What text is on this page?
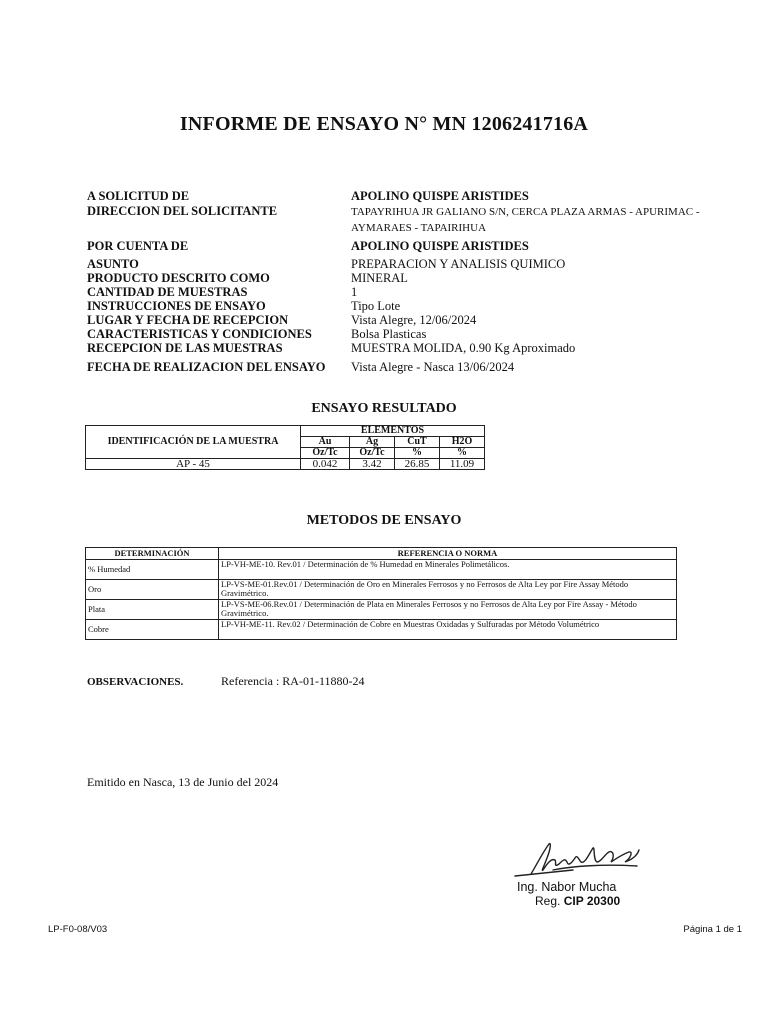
INFORME DE ENSAYO N° MN 1206241716A
A SOLICITUD DE	APOLINO QUISPE ARISTIDES
DIRECCION DEL SOLICITANTE	TAPAYRIHUA JR GALIANO S/N, CERCA PLAZA ARMAS - APURIMAC - AYMARAES - TAPAIRIHUA
POR CUENTA DE	APOLINO QUISPE ARISTIDES
ASUNTO	PREPARACION Y ANALISIS QUIMICO
PRODUCTO DESCRITO COMO	MINERAL
CANTIDAD DE MUESTRAS	1
INSTRUCCIONES DE ENSAYO	Tipo Lote
LUGAR Y FECHA DE RECEPCION	Vista Alegre, 12/06/2024
CARACTERISTICAS Y CONDICIONES	Bolsa Plasticas
RECEPCION DE LAS MUESTRAS	MUESTRA MOLIDA, 0.90 Kg Aproximado
FECHA DE REALIZACION DEL ENSAYO Vista Alegre - Nasca 13/06/2024
ENSAYO RESULTADO
IDENTIFICACIÓN DE LA MUESTRA	ELEMENTOS			
	Au	Ag	CuT	H2O
	Oz/Tc	Oz/Tc	%	%
AP - 45	0.042	3.42	26.85	11.09
METODOS DE ENSAYO
DETERMINACIÓN	REFERENCIA O NORMA
% Humedad	LP-VH-ME-10. Rev.01 / Determinación de % Humedad en Minerales Polimetálicos.
Oro	LP-VS-ME-01.Rev.01 / Determinación de Oro en Minerales Ferrosos y no Ferrosos de Alta Ley por Fire Assay Método Gravimétrico.
Plata	LP-VS-ME-06.Rev.01 / Determinación de Plata en Minerales Ferrosos y no Ferrosos de Alta Ley por Fire Assay - Método Gravimétrico.
Cobre	LP-VH-ME-11. Rev.02 / Determinación de Cobre en Muestras Oxidadas y Sulfuradas por Método Volumétrico
OBSERVACIONES.	Referencia : RA-01-11880-24
Emitido en Nasca, 13 de Junio del 2024
Ing. Nabor Mucha
Reg. CIP 20300
LP-F0-08/V03	Página 1 de 1
